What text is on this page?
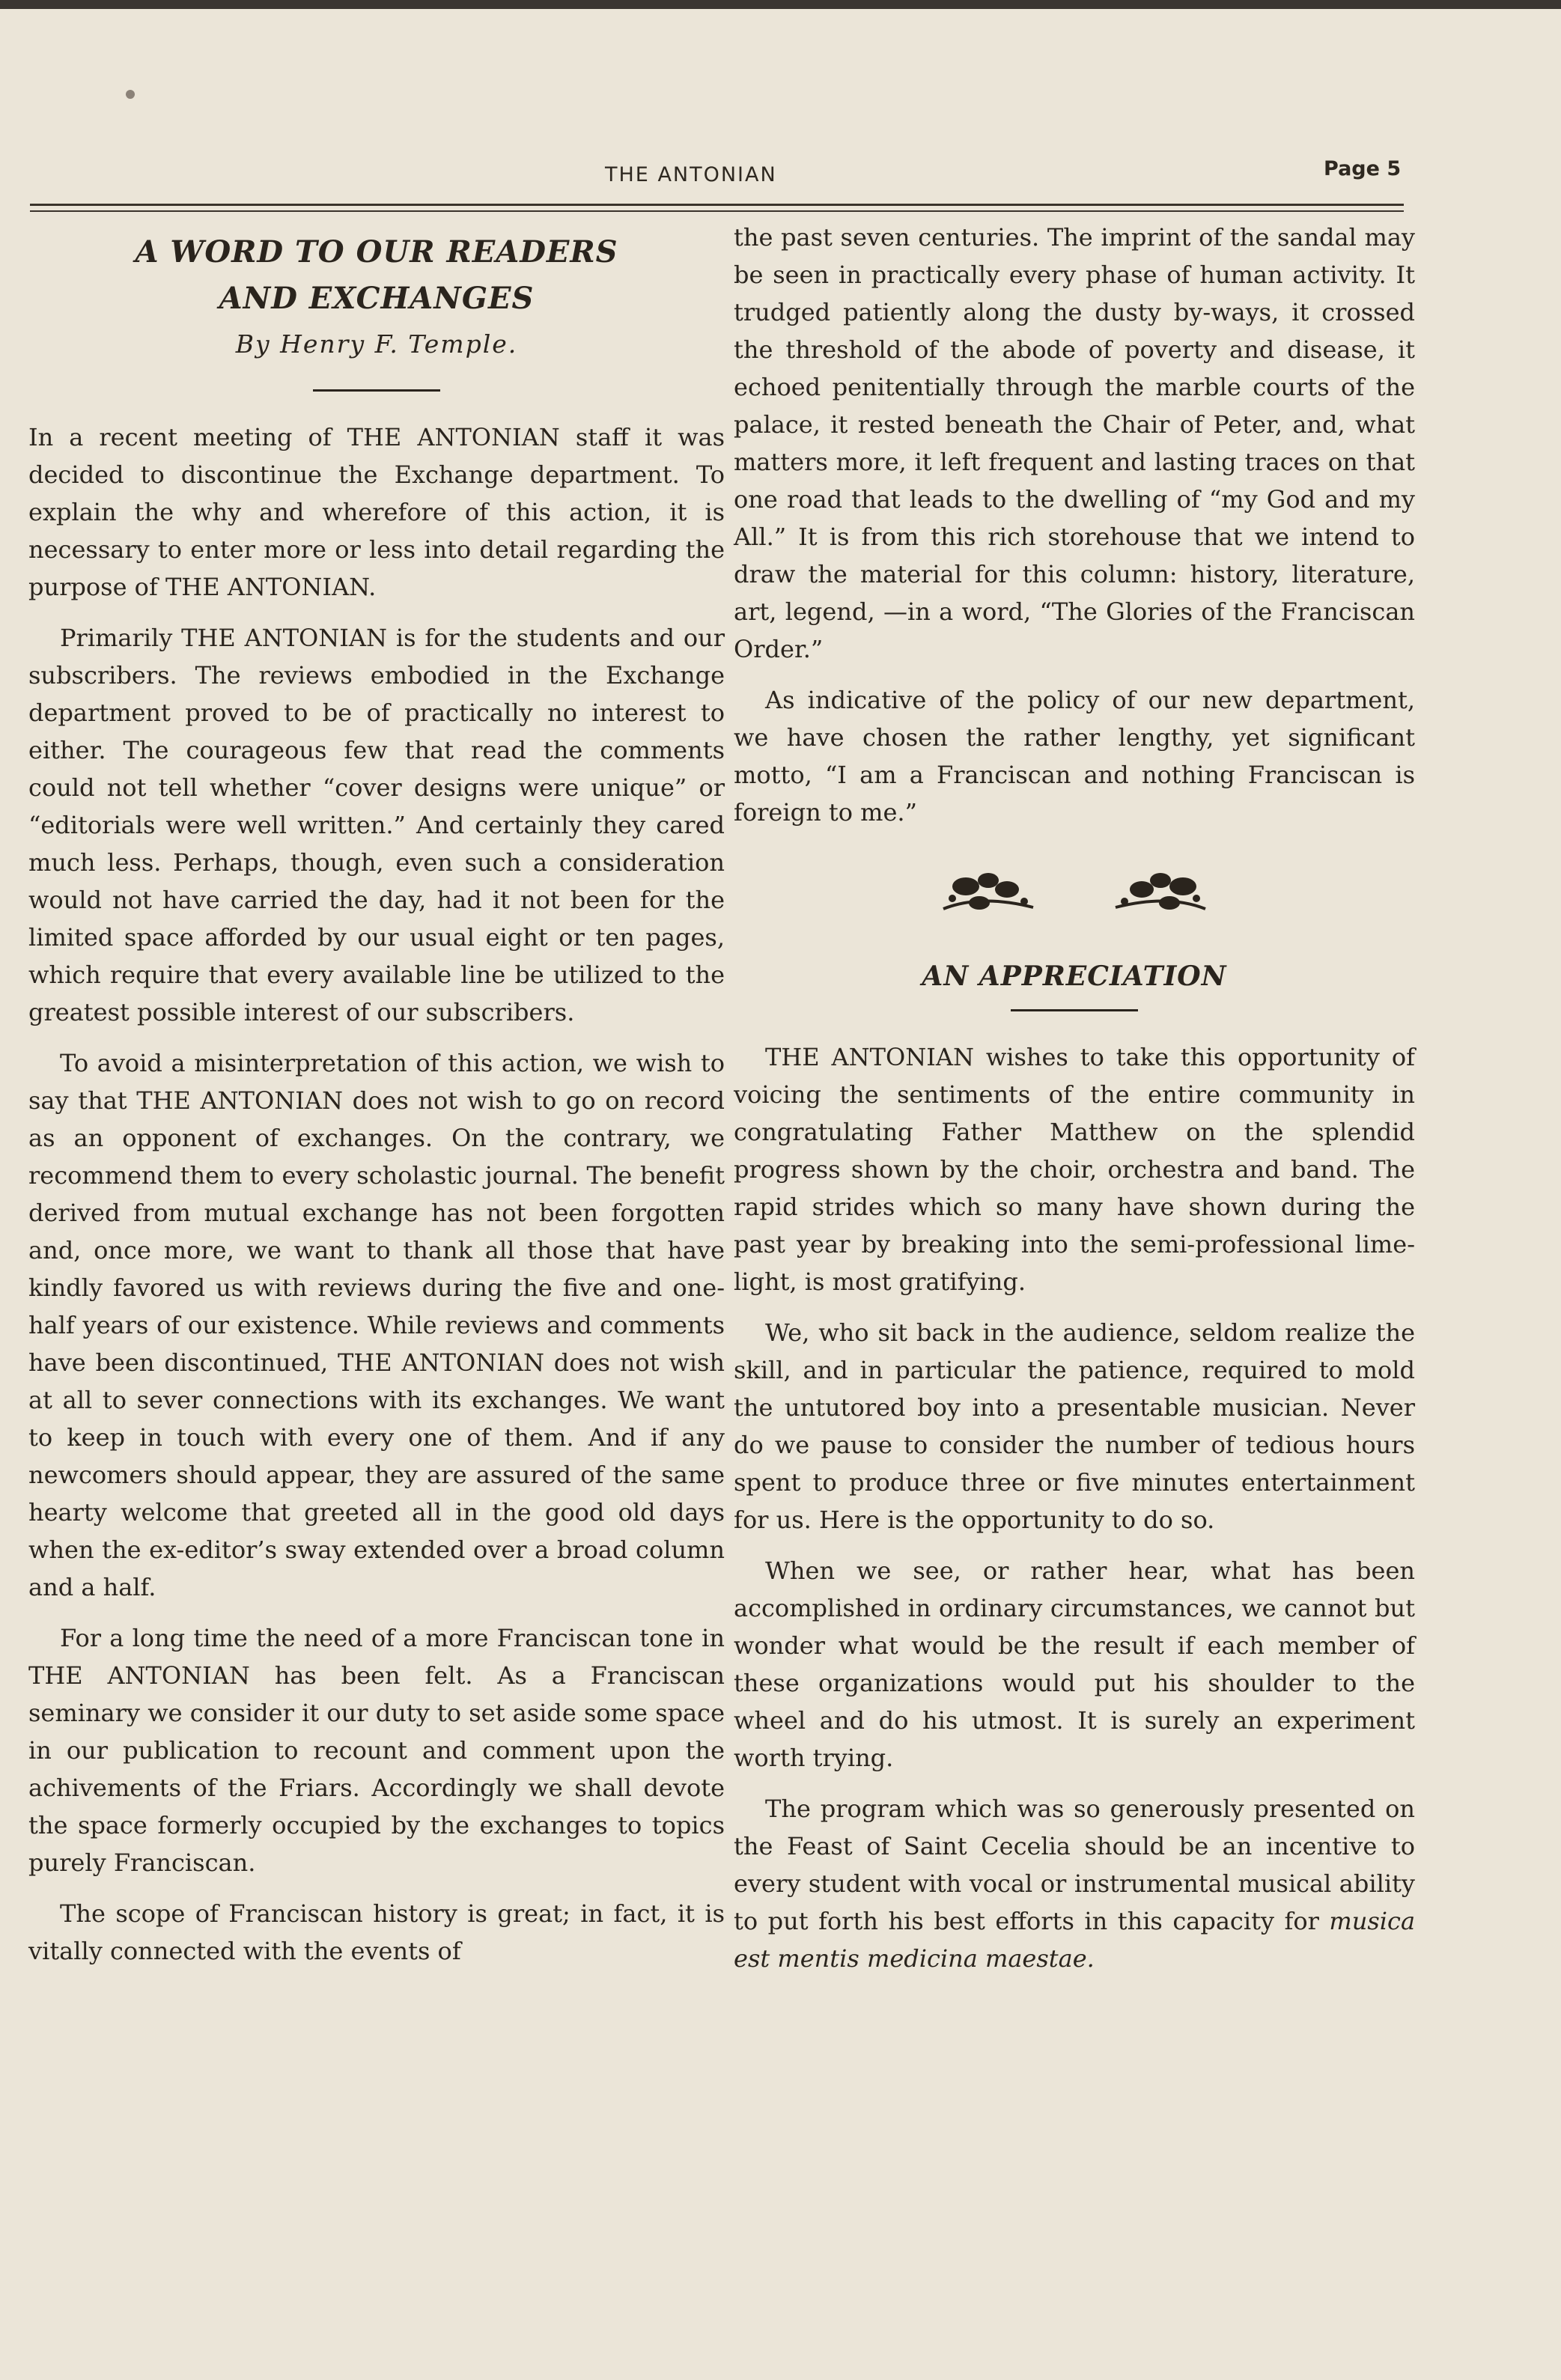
THE ANTONIAN	Page 5
A WORD TO OUR READERS
AND EXCHANGES

By Henry F. Temple.

In a recent meeting of THE ANTONIAN staff it was decided to discontinue the Exchange department. To explain the why and wherefore of this action, it is necessary to enter more or less into detail regarding the purpose of THE ANTONIAN.

Primarily THE ANTONIAN is for the students and our subscribers. The reviews embodied in the Exchange department proved to be of practically no interest to either. The courageous few that read the comments could not tell whether “cover designs were unique” or “editorials were well written.” And certainly they cared much less. Perhaps, though, even such a consideration would not have carried the day, had it not been for the limited space afforded by our usual eight or ten pages, which require that every available line be utilized to the greatest possible interest of our subscribers.

To avoid a misinterpretation of this action, we wish to say that THE ANTONIAN does not wish to go on record as an opponent of exchanges. On the contrary, we recommend them to every scholastic journal. The benefit derived from mutual exchange has not been forgotten and, once more, we want to thank all those that have kindly favored us with reviews during the five and one-half years of our existence. While reviews and comments have been discontinued, THE ANTONIAN does not wish at all to sever connections with its exchanges. We want to keep in touch with every one of them. And if any newcomers should appear, they are assured of the same hearty welcome that greeted all in the good old days when the ex-editor’s sway extended over a broad column and a half.

For a long time the need of a more Franciscan tone in THE ANTONIAN has been felt. As a Franciscan seminary we consider it our duty to set aside some space in our publication to recount and comment upon the achivements of the Friars. Accordingly we shall devote the space formerly occupied by the exchanges to topics purely Franciscan.

The scope of Franciscan history is great; in fact, it is vitally connected with the events of

the past seven centuries. The imprint of the sandal may be seen in practically every phase of human activity. It trudged patiently along the dusty by-ways, it crossed the threshold of the abode of poverty and disease, it echoed penitentially through the marble courts of the palace, it rested beneath the Chair of Peter, and, what matters more, it left frequent and lasting traces on that one road that leads to the dwelling of “my God and my All.” It is from this rich storehouse that we intend to draw the material for this column: history, literature, art, legend, —in a word, “The Glories of the Franciscan Order.”

As indicative of the policy of our new department, we have chosen the rather lengthy, yet significant motto, “I am a Franciscan and nothing Franciscan is foreign to me.”

AN APPRECIATION

THE ANTONIAN wishes to take this opportunity of voicing the sentiments of the entire community in congratulating Father Matthew on the splendid progress shown by the choir, orchestra and band. The rapid strides which so many have shown during the past year by breaking into the semi-professional lime-light, is most gratifying.

We, who sit back in the audience, seldom realize the skill, and in particular the patience, required to mold the untutored boy into a presentable musician. Never do we pause to consider the number of tedious hours spent to produce three or five minutes entertainment for us. Here is the opportunity to do so.

When we see, or rather hear, what has been accomplished in ordinary circumstances, we cannot but wonder what would be the result if each member of these organizations would put his shoulder to the wheel and do his utmost. It is surely an experiment worth trying.

The program which was so generously presented on the Feast of Saint Cecelia should be an incentive to every student with vocal or instrumental musical ability to put forth his best efforts in this capacity for musica est mentis medicina maestae.
